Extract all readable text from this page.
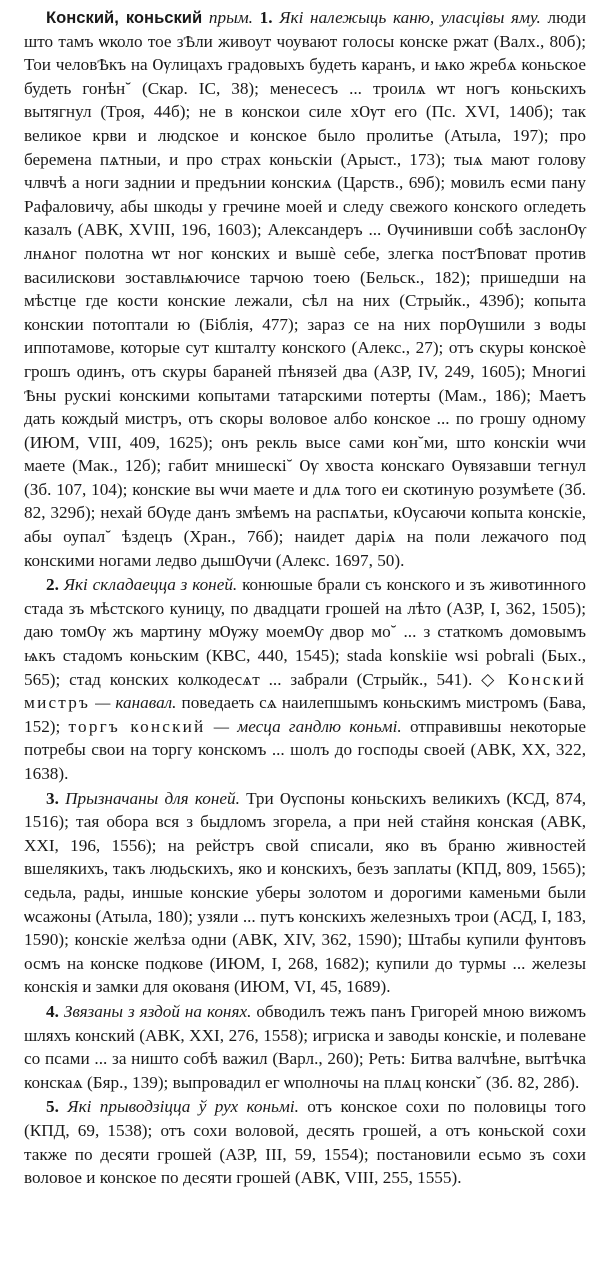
Конский, коньский прым. 1. Які належыць каню, уласцівы яму. люди што тамъ ѡколо тое зѢли живоут чоувают голосы конске ржат (Валх., 80б); Тои человѢкъ на Ѹлицахъ градовыхъ будеть каранъ, и ѩко жребѧ коньское будеть гонѣн˘ (Скар. IC, 38); менесесъ ... троилѧ ѡт ногъ коньскихъ вытягнул (Троя, 44б); не в конскои силе хѸт его (Пс. XVI, 140б); так великое крви и людское и конское было пролитье (Атыла, 197); про беремена пѧтныи, и про страх коньскіи (Арыст., 173); тыѧ мают голову члвчѣ а ноги заднии и предънии конскиѧ (Царств., 69б); мовилъ есми пану Рафаловичу, абы шкоды у гречине моей и следу свежого конского огледеть казалъ (АВК, XVIII, 196, 1603); Александеръ ... Ѹчинивши собѣ заслонѸ лнѧног полотна ѡт ног конских и вышѐ себе, злегка постѢповат против василискови зоставлѩючисе тарчою тоею (Бельск., 182); пришедши на мѣстце где кости конские лежали, сѣл на них (Стрыйк., 439б); копыта конскии потоптали ю (Біблія, 477); зараз се на них порѸшили з воды иппотамове, которые сут кшталту конского (Алекс., 27); отъ скуры конскоѐ грошъ одинъ, отъ скуры бараней пѣнязей два (АЗР, IV, 249, 1605); Многиі Ѣны рускиі конскими копытами татарскими потерты (Мам., 186); Маетъ дать кождый мистръ, отъ скоры воловое албо конское ... по грошу одному (ИЮМ, VIII, 409, 1625); онъ рекль высе сами кон˘ми, што конскіи ѡчи маете (Мак., 12б); габит мнишескі˘ Ѹ хвоста конскаго Ѹвязавши тегнул (Зб. 107, 104); конские вы ѡчи маете и длѧ того еи скотиную розумѣете (Зб. 82, 329б); нехай бѸде данъ змѣемъ на распѧтьи, кѸсаючи копыта конскіе, абы оупал˘ ѣздецъ (Хран., 76б); наидет даріѧ на поли лежачого под конскими ногами ледво дышѸчи (Алекс. 1697, 50).

2. Які складаецца з коней. конюшые брали съ конского и зъ животинного стада зъ мѣстского куницу, по двадцати грошей на лѣто (АЗР, I, 362, 1505); даю томѸ жъ мартину мѸжу моемѸ двор мо˘ ... з статкомъ домовымъ ѩкъ стадомъ коньским (КВС, 440, 1545); stada konskiie wsi pobrali (Бых., 565); стад конских колкодесѧт ... забрали (Стрыйк., 541). ◇ Конский мистръ — канавал. поведаеть сѧ наилепшымъ коньскимъ мистромъ (Бава, 152); торгъ конский — месца гандлю коньмі. отправившы некоторые потребы свои на торгу конскомъ ... шолъ до господы своей (АВК, XX, 322, 1638).

3. Прызначаны для коней. Три Ѹспоны коньскихъ великихъ (КСД, 874, 1516); тая обора вся з быдломъ згорела, а при ней стайня конская (АВК, XXI, 196, 1556); на рейстръ свой списали, яко въ браню живностей вшелякихъ, такъ людьскихъ, яко и конскихъ, безъ заплаты (КПД, 809, 1565); седьла, рады, иншые конские уберы золотом и дорогими каменьми были ѡсажоны (Атыла, 180); узяли ... путъ конскихъ железныхъ трои (АСД, I, 183, 1590); конскіе желѣза одни (АВК, XIV, 362, 1590); Штабы купили фунтовъ осмъ на конске подкове (ИЮМ, I, 268, 1682); купили до турмы ... железы конскія и замки для окованя (ИЮМ, VI, 45, 1689).

4. Звязаны з яздой на конях. обводилъ тежъ панъ Григорей мною вижомъ шляхъ конский (АВК, XXI, 276, 1558); игриска и заводы конскіе, и полеване со псами ... за ништо собѣ важил (Варл., 260); Реть: Битва валчѣне, вытѣчка конскаѧ (Бяр., 139); выпровадил ег ѡполночы на плѧц конски˘ (Зб. 82, 28б).

5. Які прыводзіцца ў рух коньмі. отъ конское сохи по половицы того (КПД, 69, 1538); отъ сохи воловой, десять грошей, а отъ коньской сохи также по десяти грошей (АЗР, III, 59, 1554); постановили есьмо зъ сохи воловое и конское по десяти грошей (АВК, VIII, 255, 1555).
